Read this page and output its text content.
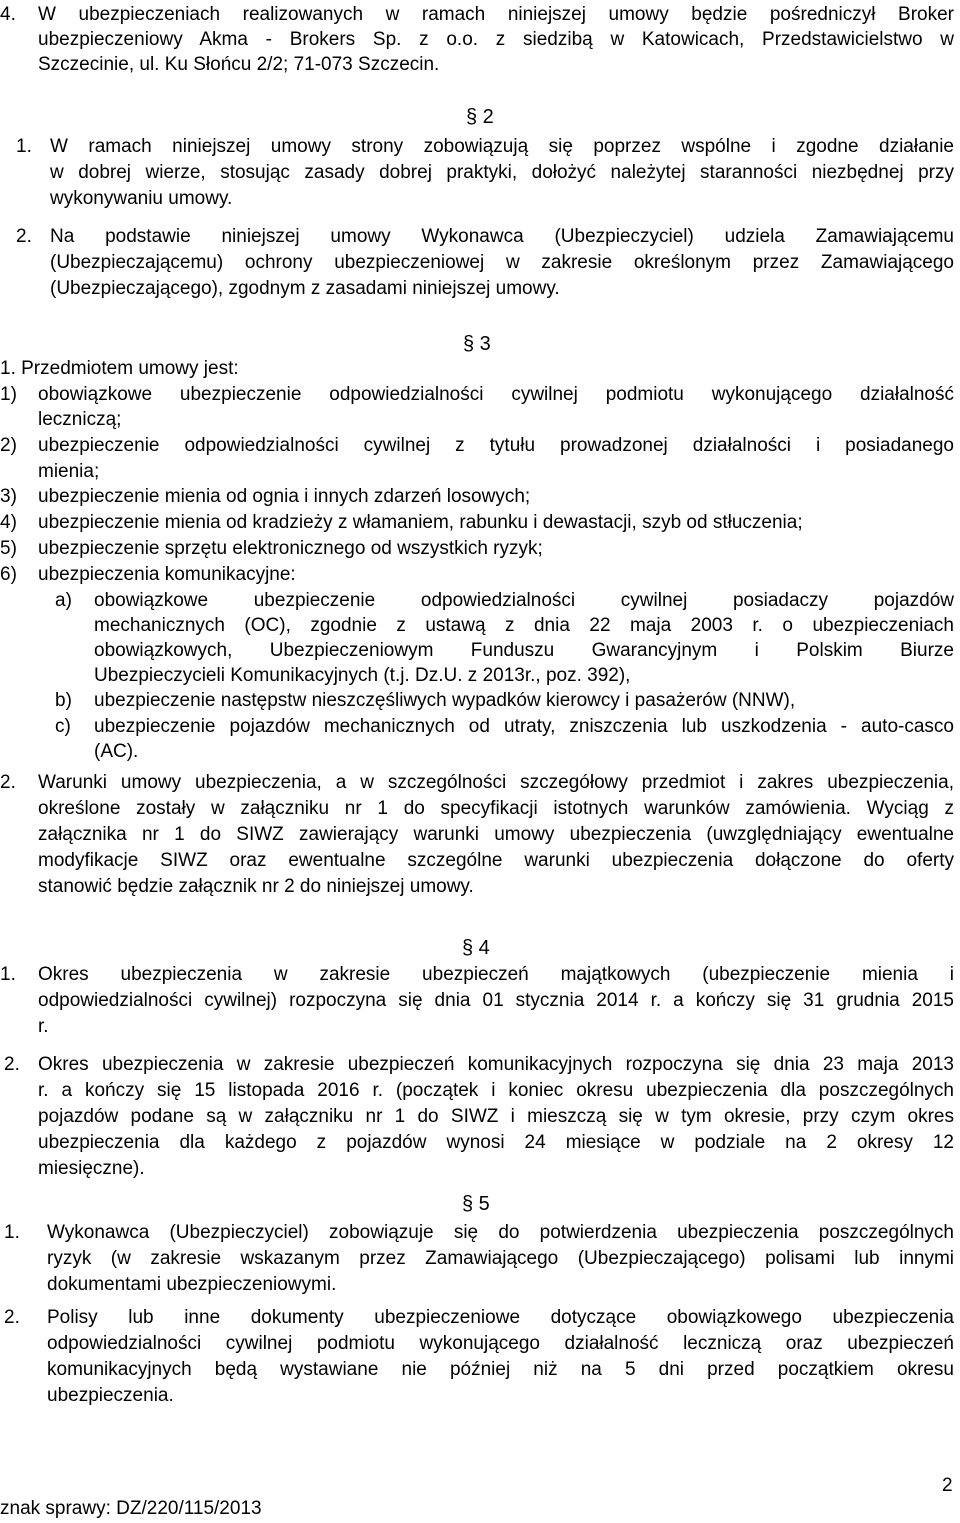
4. W ubezpieczeniach realizowanych w ramach niniejszej umowy będzie pośredniczył Broker
ubezpieczeniowy Akma - Brokers Sp. z o.o. z siedzibą w Katowicach, Przedstawicielstwo w
Szczecinie, ul. Ku Słońcu 2/2; 71-073 Szczecin.
§ 2
1. W ramach niniejszej umowy strony zobowiązują się poprzez wspólne i zgodne działanie
w dobrej wierze, stosując zasady dobrej praktyki, dołożyć należytej staranności niezbędnej przy
wykonywaniu umowy.
2. Na podstawie niniejszej umowy Wykonawca (Ubezpieczyciel) udziela Zamawiającemu
(Ubezpieczającemu) ochrony ubezpieczeniowej w zakresie określonym przez Zamawiającego
(Ubezpieczającego), zgodnym z zasadami niniejszej umowy.
§ 3
1. Przedmiotem umowy jest:
1) obowiązkowe ubezpieczenie odpowiedzialności cywilnej podmiotu wykonującego działalność
leczniczą;
2) ubezpieczenie odpowiedzialności cywilnej z tytułu prowadzonej działalności i posiadanego
mienia;
3) ubezpieczenie mienia od ognia i innych zdarzeń losowych;
4) ubezpieczenie mienia od kradzieży z włamaniem, rabunku i dewastacji, szyb od stłuczenia;
5) ubezpieczenie sprzętu elektronicznego od wszystkich ryzyk;
6) ubezpieczenia komunikacyjne:
a) obowiązkowe ubezpieczenie odpowiedzialności cywilnej posiadaczy pojazdów
mechanicznych (OC), zgodnie z ustawą z dnia 22 maja 2003 r. o ubezpieczeniach
obowiązkowych, Ubezpieczeniowym Funduszu Gwarancyjnym i Polskim Biurze
Ubezpieczycieli Komunikacyjnych (t.j. Dz.U. z 2013r., poz. 392),
b) ubezpieczenie następstw nieszczęśliwych wypadków kierowcy i pasażerów (NNW),
c) ubezpieczenie pojazdów mechanicznych od utraty, zniszczenia lub uszkodzenia - auto-casco
(AC).
2. Warunki umowy ubezpieczenia, a w szczególności szczegółowy przedmiot i zakres ubezpieczenia,
określone zostały w załączniku nr 1 do specyfikacji istotnych warunków zamówienia. Wyciąg z
załącznika nr 1 do SIWZ zawierający warunki umowy ubezpieczenia (uwzględniający ewentualne
modyfikacje SIWZ oraz ewentualne szczególne warunki ubezpieczenia dołączone do oferty
stanowić będzie załącznik nr 2 do niniejszej umowy.
§ 4
1. Okres ubezpieczenia w zakresie ubezpieczeń majątkowych (ubezpieczenie mienia i
odpowiedzialności cywilnej) rozpoczyna się dnia 01 stycznia 2014 r. a kończy się 31 grudnia 2015
r.
2. Okres ubezpieczenia w zakresie ubezpieczeń komunikacyjnych rozpoczyna się dnia 23 maja 2013
r. a kończy się 15 listopada 2016 r. (początek i koniec okresu ubezpieczenia dla poszczególnych
pojazdów podane są w załączniku nr 1 do SIWZ i mieszczą się w tym okresie, przy czym okres
ubezpieczenia dla każdego z pojazdów wynosi 24 miesiące w podziale na 2 okresy 12
miesięczne).
§ 5
1. Wykonawca (Ubezpieczyciel) zobowiązuje się do potwierdzenia ubezpieczenia poszczególnych
ryzyk (w zakresie wskazanym przez Zamawiającego (Ubezpieczającego) polisami lub innymi
dokumentami ubezpieczeniowymi.
2. Polisy lub inne dokumenty ubezpieczeniowe dotyczące obowiązkowego ubezpieczenia
odpowiedzialności cywilnej podmiotu wykonującego działalność leczniczą oraz ubezpieczeń
komunikacyjnych będą wystawiane nie później niż na 5 dni przed początkiem okresu
ubezpieczenia.
2
znak sprawy: DZ/220/115/2013
